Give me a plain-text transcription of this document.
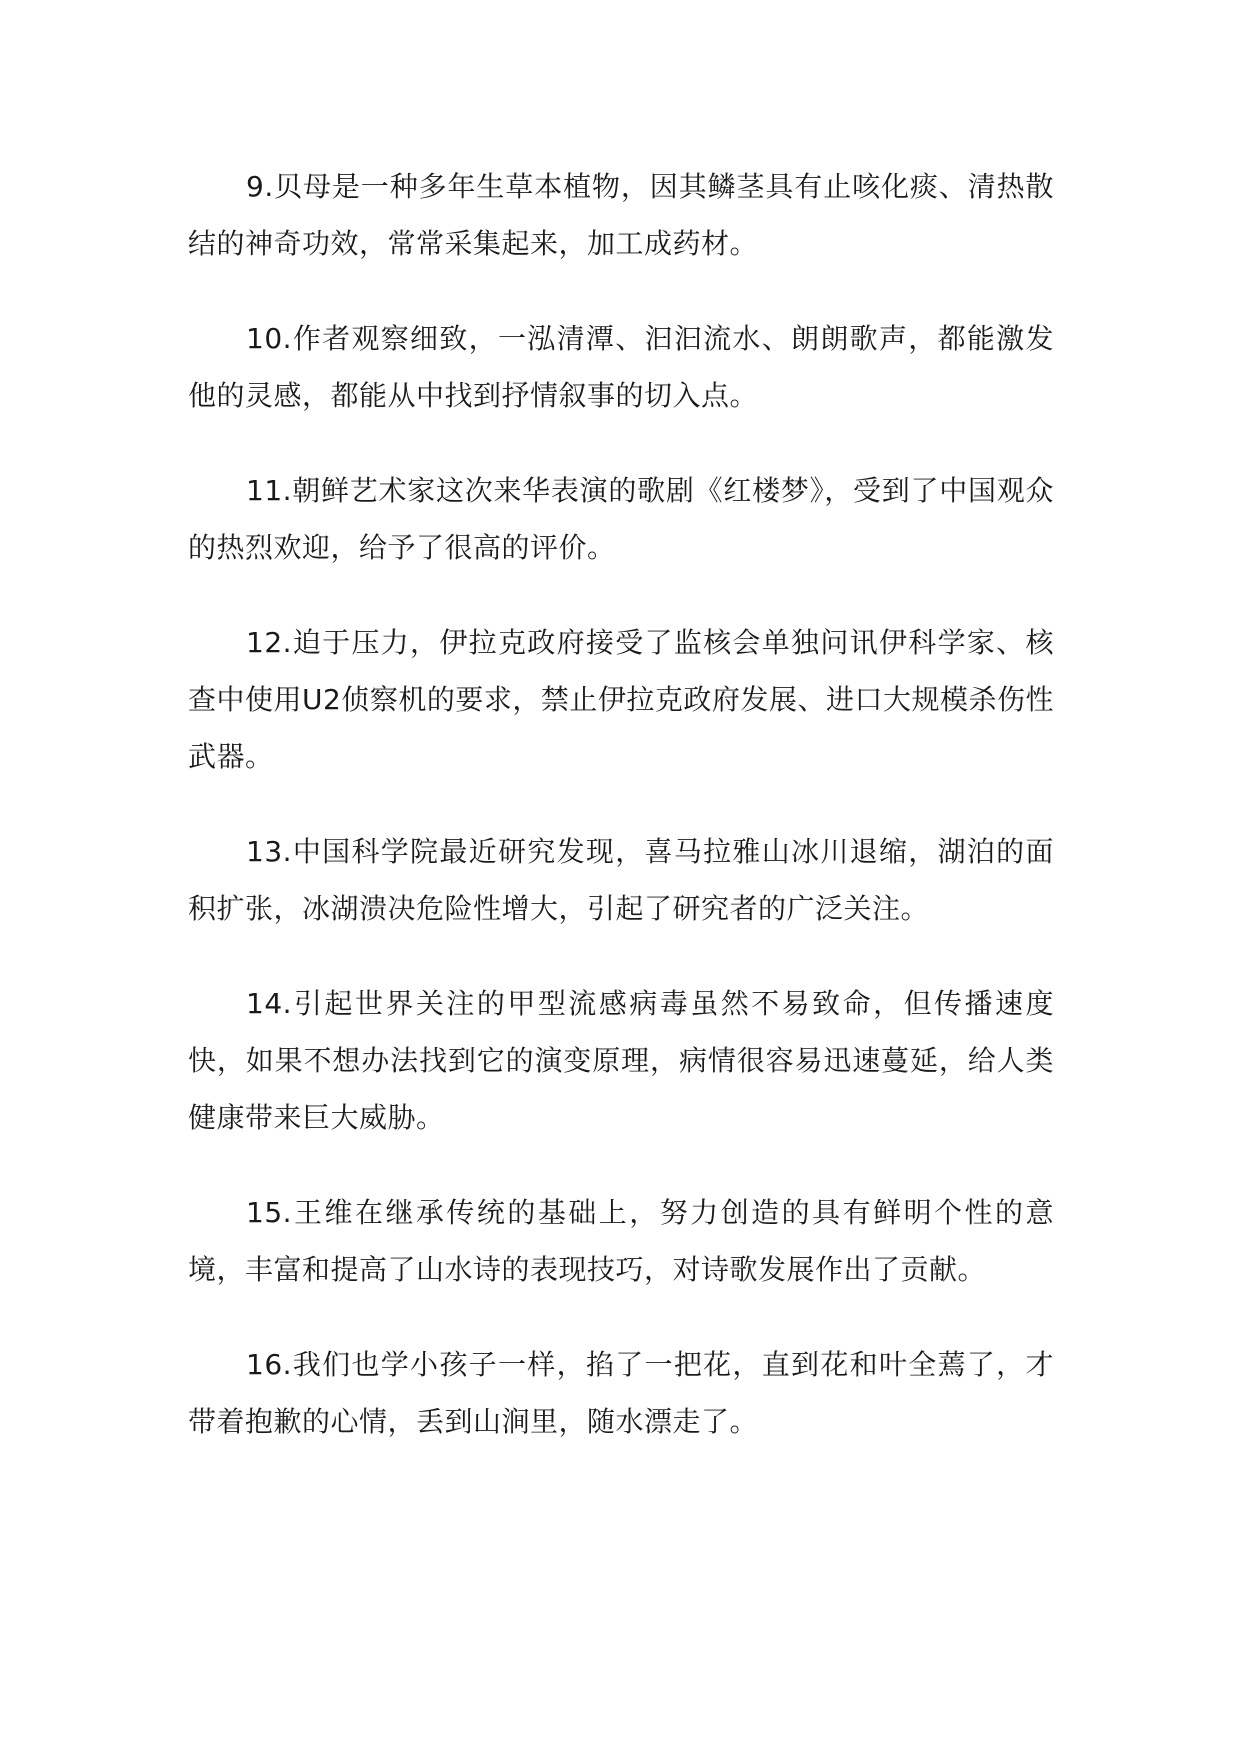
9.贝母是一种多年生草本植物，因其鳞茎具有止咳化痰、清热散结的神奇功效，常常采集起来，加工成药材。

10.作者观察细致，一泓清潭、汩汩流水、朗朗歌声，都能激发他的灵感，都能从中找到抒情叙事的切入点。

11.朝鲜艺术家这次来华表演的歌剧《红楼梦》，受到了中国观众的热烈欢迎，给予了很高的评价。

12.迫于压力，伊拉克政府接受了监核会单独问讯伊科学家、核查中使用U2侦察机的要求，禁止伊拉克政府发展、进口大规模杀伤性武器。

13.中国科学院最近研究发现，喜马拉雅山冰川退缩，湖泊的面积扩张，冰湖溃决危险性增大，引起了研究者的广泛关注。

14.引起世界关注的甲型流感病毒虽然不易致命，但传播速度快，如果不想办法找到它的演变原理，病情很容易迅速蔓延，给人类健康带来巨大威胁。

15.王维在继承传统的基础上，努力创造的具有鲜明个性的意境，丰富和提高了山水诗的表现技巧，对诗歌发展作出了贡献。

16.我们也学小孩子一样，掐了一把花，直到花和叶全蔫了，才带着抱歉的心情，丢到山涧里，随水漂走了。
